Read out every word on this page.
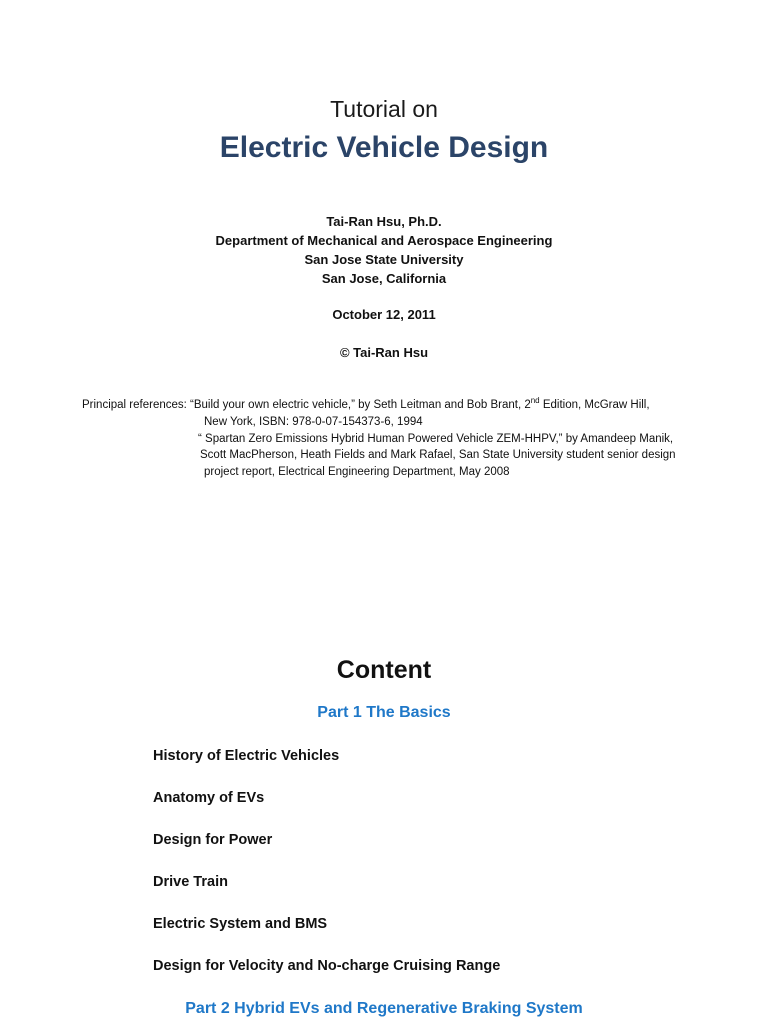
Tutorial on
Electric Vehicle Design
Tai-Ran Hsu, Ph.D.
Department of Mechanical and Aerospace Engineering
San Jose State University
San Jose, California
October 12, 2011
© Tai-Ran Hsu
Principal references: “Build your own electric vehicle,” by Seth Leitman and Bob Brant, 2nd Edition, McGraw Hill,
New York, ISBN: 978-0-07-154373-6, 1994
“ Spartan Zero Emissions Hybrid Human Powered Vehicle ZEM-HHPV,” by Amandeep Manik,
Scott MacPherson, Heath Fields and Mark Rafael, San State University student senior design
project report, Electrical Engineering Department, May 2008
Content
Part 1 The Basics
History of Electric Vehicles
Anatomy of EVs
Design for Power
Drive Train
Electric System and BMS
Design for Velocity and No-charge Cruising Range
Part 2 Hybrid EVs and Regenerative Braking System
